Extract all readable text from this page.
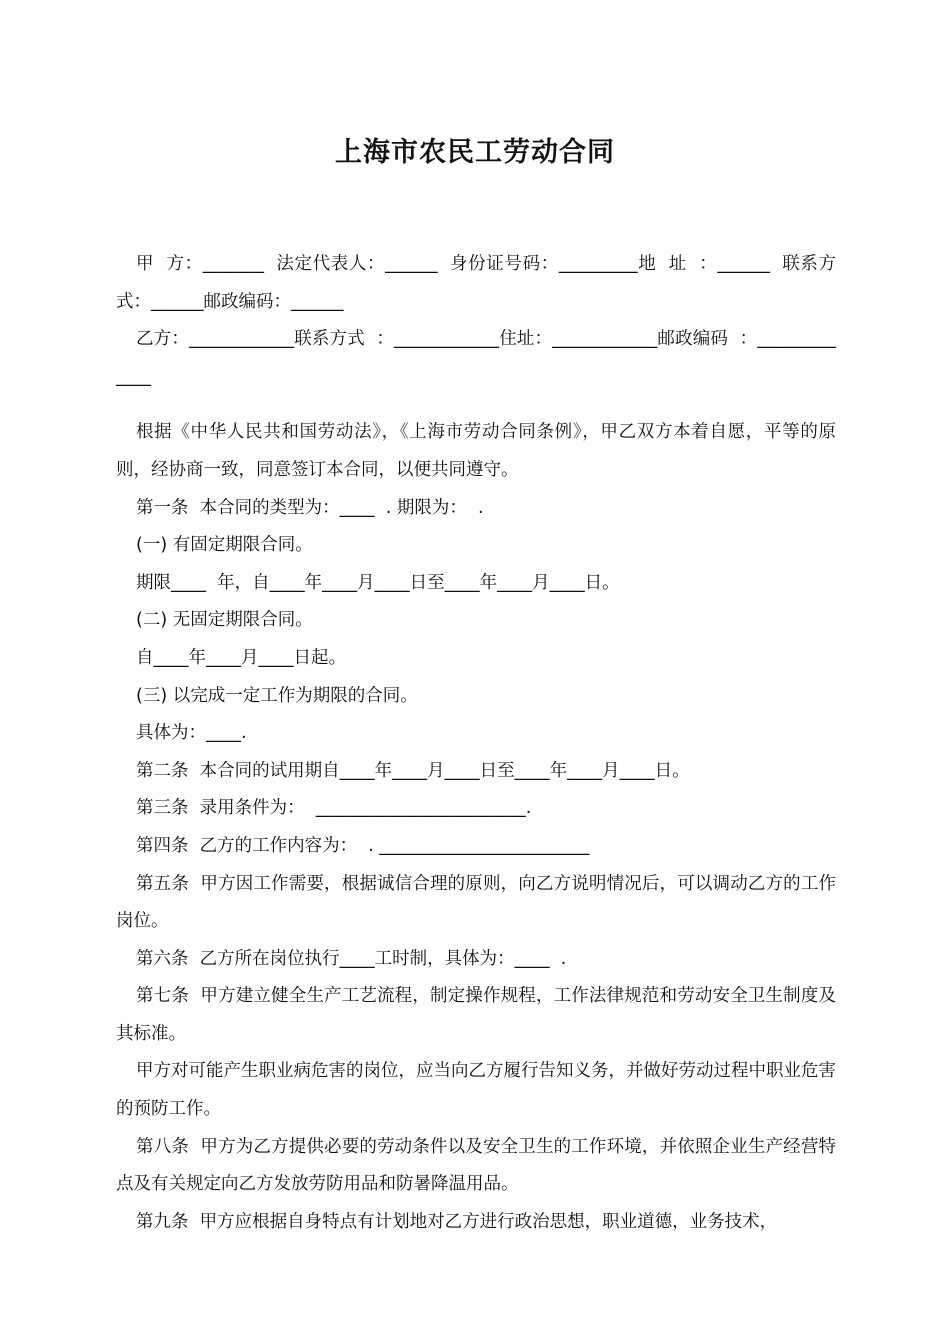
上海市农民工劳动合同

甲  方：_______  法定代表人：______  身份证号码：_________地  址  ：______  联系方式：______邮政编码：______

乙方：____________联系方式  ：____________住址：____________邮政编码  ：_____________

根据《中华人民共和国劳动法》，《上海市劳动合同条例》，甲乙双方本着自愿，平等的原则，经协商一致，同意签订本合同，以便共同遵守。

第一条  本合同的类型为：____  . 期限为：  .

(一) 有固定期限合同。

期限____  年，自____年____月____日至____年____月____日。

(二) 无固定期限合同。

自____年____月____日起。

(三) 以完成一定工作为期限的合同。

具体为：____.

第二条  本合同的试用期自____年____月____日至____年____月____日。

第三条  录用条件为：  ________________________.

第四条  乙方的工作内容为：  . ________________________

第五条  甲方因工作需要，根据诚信合理的原则，向乙方说明情况后，可以调动乙方的工作岗位。

第六条  乙方所在岗位执行____工时制，具体为：____  .

第七条  甲方建立健全生产工艺流程，制定操作规程，工作法律规范和劳动安全卫生制度及其标准。

甲方对可能产生职业病危害的岗位，应当向乙方履行告知义务，并做好劳动过程中职业危害的预防工作。

第八条  甲方为乙方提供必要的劳动条件以及安全卫生的工作环境，并依照企业生产经营特点及有关规定向乙方发放劳防用品和防暑降温用品。

第九条  甲方应根据自身特点有计划地对乙方进行政治思想，职业道德，业务技术，
